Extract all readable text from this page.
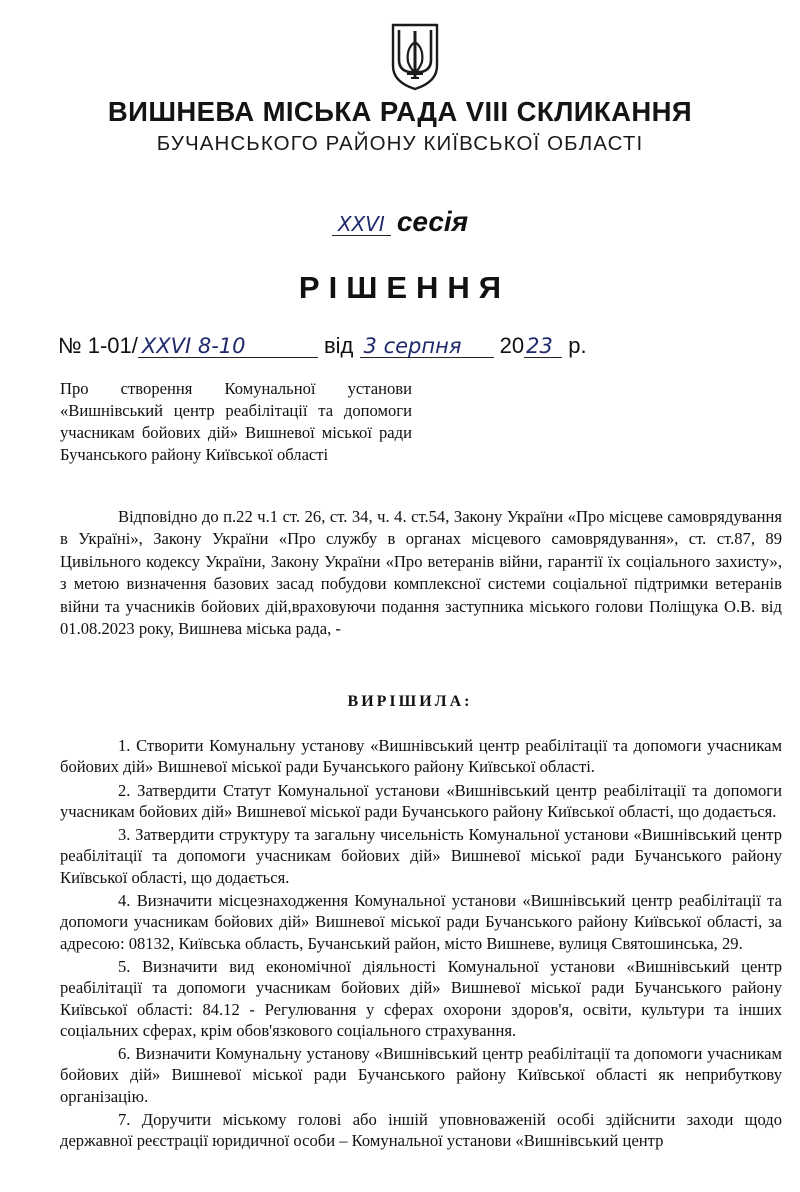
ВИШНЕВА МІСЬКА РАДА VIII СКЛИКАННЯ
БУЧАНСЬКОГО РАЙОНУ КИЇВСЬКОЇ ОБЛАСТІ
XXVI сесія
РІШЕННЯ
№ 1-01/ XXVI 8-10	від 3 серпня 2023 р.
Про створення Комунальної установи «Вишнівський центр реабілітації та допомоги учасникам бойових дій» Вишневої міської ради Бучанського району Київської області

Відповідно до п.22 ч.1 ст. 26, ст. 34, ч. 4. ст.54, Закону України «Про місцеве самоврядування в Україні», Закону України «Про службу в органах місцевого самоврядування», ст. ст.87, 89 Цивільного кодексу України, Закону України «Про ветеранів війни, гарантії їх соціального захисту», з метою визначення базових засад побудови комплексної системи соціальної підтримки ветеранів війни та учасників бойових дій,враховуючи подання заступника міського голови Поліщука О.В. від 01.08.2023 року, Вишнева міська рада, -

ВИРІШИЛА:

1. Створити Комунальну установу «Вишнівський центр реабілітації та допомоги учасникам бойових дій» Вишневої міської ради Бучанського району Київської області.

2. Затвердити Статут Комунальної установи «Вишнівський центр реабілітації та допомоги учасникам бойових дій» Вишневої міської ради Бучанського району Київської області, що додається.

3. Затвердити структуру та загальну чисельність Комунальної установи «Вишнівський центр реабілітації та допомоги учасникам бойових дій» Вишневої міської ради Бучанського району Київської області, що додається.

4. Визначити місцезнаходження Комунальної установи «Вишнівський центр реабілітації та допомоги учасникам бойових дій» Вишневої міської ради Бучанського району Київської області, за адресою: 08132, Київська область, Бучанський район, місто Вишневе, вулиця Святошинська, 29.

5. Визначити вид економічної діяльності Комунальної установи «Вишнівський центр реабілітації та допомоги учасникам бойових дій» Вишневої міської ради Бучанського району Київської області: 84.12 - Регулювання у сферах охорони здоров'я, освіти, культури та інших соціальних сферах, крім обов'язкового соціального страхування.

6. Визначити Комунальну установу «Вишнівський центр реабілітації та допомоги учасникам бойових дій» Вишневої міської ради Бучанського району Київської області як неприбуткову організацію.

7. Доручити міському голові або іншій уповноваженій особі здійснити заходи щодо державної реєстрації юридичної особи – Комунальної установи «Вишнівський центр
